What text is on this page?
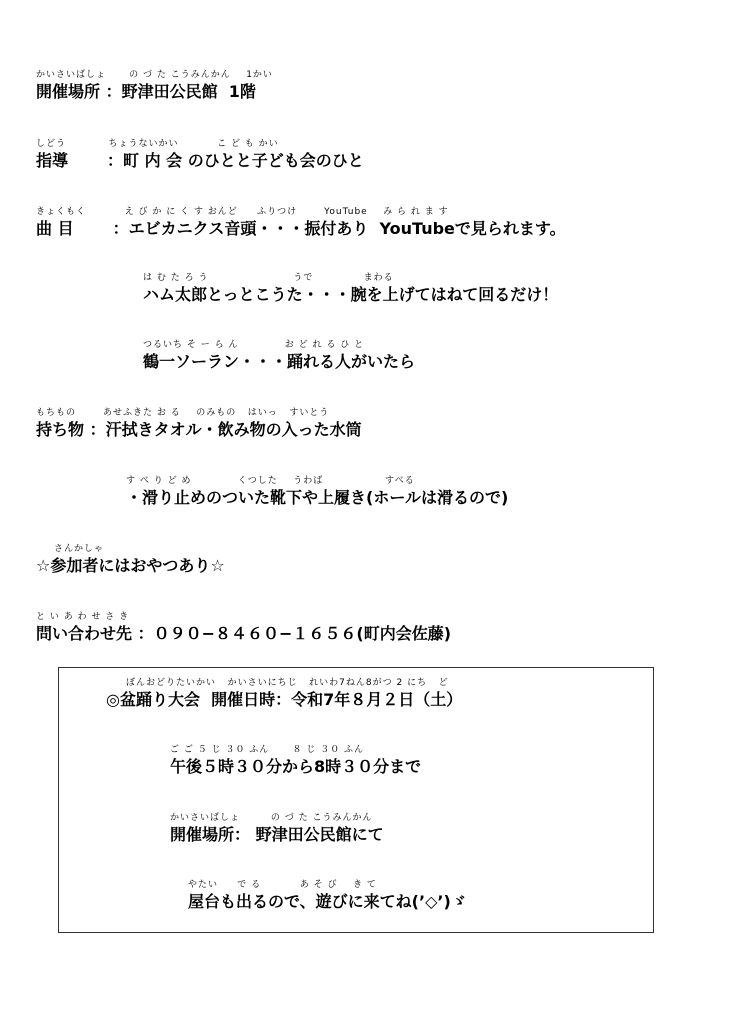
かいさいばしょ      の づ た こうみんかん    1かい
開催場所 ：野津田公民館  1階
しどう           ちょうないかい          こ ど も かい
指導       ：町 内 会 のひとと子ども会のひと
きょくもく          え び か に く す おんど     ふりつけ       YouTube    み ら れ ま す
曲 目       ：エビカニクス音頭・・・振付あり  YouTubeで見られます。
は む た ろ う                      うで             まわる
ハム太郎とっとこうた・・・腕を上げてはねて回るだけ！
つるいち そ ー ら ん            お ど れ る ひ と
鶴一ソーラン・・・踊れる人がいたら
もちもの       あせふきた お る    のみもの   はいっ   すいとう
持ち物 ：汗拭きタオル・飲み物の入った水筒
す べ り ど め            くつした    うわば                すべる
・滑り止めのついた靴下や上履き(ホールは滑るので)
さんかしゃ
☆参加者にはおやつあり☆
と い あ わ せ さ き
問い合わせ先 ：０９０−８４６０−１６５６(町内会佐藤)
ぼんおどりたいかい   かいさいにちじ   れいわ7ねん8がつ 2 にち   ど
◎盆踊り大会  開催日時：令和7年８月２日（土）
ご ご ５ じ ３０ ふん      ８ じ ３０ ふん
午後５時３０分から8時３０分まで
かいさいばしょ        の づ た こうみんかん
開催場所： 野津田公民館にて
やたい     で る          あ そ び    き て
屋台も出るので、遊びに来てね(’◇’)ゞ
